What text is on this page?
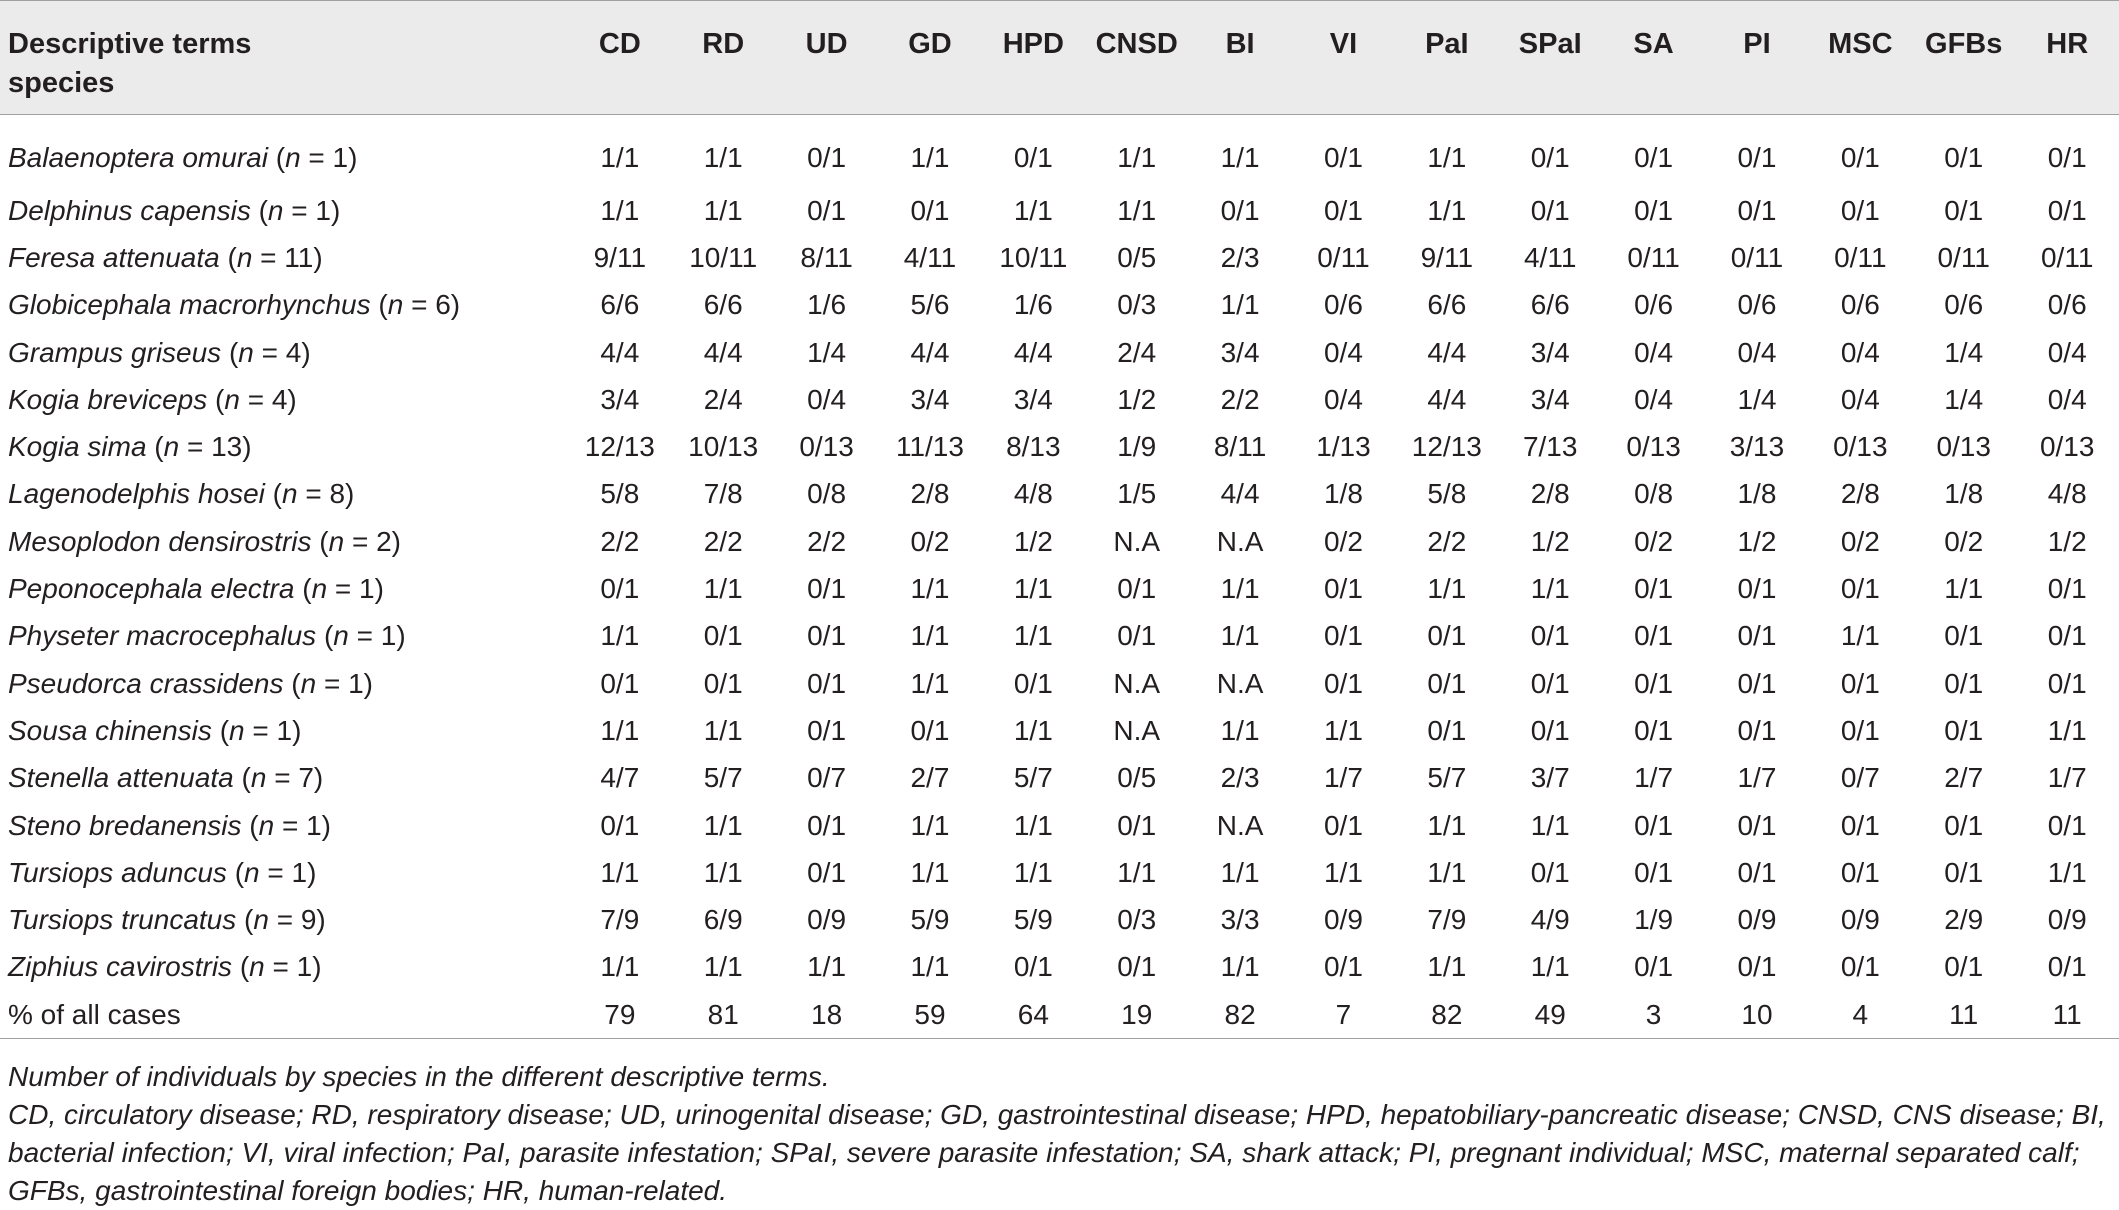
Descriptive terms
species	CD	RD	UD	GD	HPD	CNSD	BI	VI	PaI	SPaI	SA	PI	MSC	GFBs	HR
Balaenoptera omurai (n = 1)	1/1	1/1	0/1	1/1	0/1	1/1	1/1	0/1	1/1	0/1	0/1	0/1	0/1	0/1	0/1
Delphinus capensis (n = 1)	1/1	1/1	0/1	0/1	1/1	1/1	0/1	0/1	1/1	0/1	0/1	0/1	0/1	0/1	0/1
Feresa attenuata (n = 11)	9/11	10/11	8/11	4/11	10/11	0/5	2/3	0/11	9/11	4/11	0/11	0/11	0/11	0/11	0/11
Globicephala macrorhynchus (n = 6)	6/6	6/6	1/6	5/6	1/6	0/3	1/1	0/6	6/6	6/6	0/6	0/6	0/6	0/6	0/6
Grampus griseus (n = 4)	4/4	4/4	1/4	4/4	4/4	2/4	3/4	0/4	4/4	3/4	0/4	0/4	0/4	1/4	0/4
Kogia breviceps (n = 4)	3/4	2/4	0/4	3/4	3/4	1/2	2/2	0/4	4/4	3/4	0/4	1/4	0/4	1/4	0/4
Kogia sima (n = 13)	12/13	10/13	0/13	11/13	8/13	1/9	8/11	1/13	12/13	7/13	0/13	3/13	0/13	0/13	0/13
Lagenodelphis hosei (n = 8)	5/8	7/8	0/8	2/8	4/8	1/5	4/4	1/8	5/8	2/8	0/8	1/8	2/8	1/8	4/8
Mesoplodon densirostris (n = 2)	2/2	2/2	2/2	0/2	1/2	N.A	N.A	0/2	2/2	1/2	0/2	1/2	0/2	0/2	1/2
Peponocephala electra (n = 1)	0/1	1/1	0/1	1/1	1/1	0/1	1/1	0/1	1/1	1/1	0/1	0/1	0/1	1/1	0/1
Physeter macrocephalus (n = 1)	1/1	0/1	0/1	1/1	1/1	0/1	1/1	0/1	0/1	0/1	0/1	0/1	1/1	0/1	0/1
Pseudorca crassidens (n = 1)	0/1	0/1	0/1	1/1	0/1	N.A	N.A	0/1	0/1	0/1	0/1	0/1	0/1	0/1	0/1
Sousa chinensis (n = 1)	1/1	1/1	0/1	0/1	1/1	N.A	1/1	1/1	0/1	0/1	0/1	0/1	0/1	0/1	1/1
Stenella attenuata (n = 7)	4/7	5/7	0/7	2/7	5/7	0/5	2/3	1/7	5/7	3/7	1/7	1/7	0/7	2/7	1/7
Steno bredanensis (n = 1)	0/1	1/1	0/1	1/1	1/1	0/1	N.A	0/1	1/1	1/1	0/1	0/1	0/1	0/1	0/1
Tursiops aduncus (n = 1)	1/1	1/1	0/1	1/1	1/1	1/1	1/1	1/1	1/1	0/1	0/1	0/1	0/1	0/1	1/1
Tursiops truncatus (n = 9)	7/9	6/9	0/9	5/9	5/9	0/3	3/3	0/9	7/9	4/9	1/9	0/9	0/9	2/9	0/9
Ziphius cavirostris (n = 1)	1/1	1/1	1/1	1/1	0/1	0/1	1/1	0/1	1/1	1/1	0/1	0/1	0/1	0/1	0/1
% of all cases	79	81	18	59	64	19	82	7	82	49	3	10	4	11	11
Number of individuals by species in the different descriptive terms.
CD, circulatory disease; RD, respiratory disease; UD, urinogenital disease; GD, gastrointestinal disease; HPD, hepatobiliary-pancreatic disease; CNSD, CNS disease; BI,
bacterial infection; VI, viral infection; PaI, parasite infestation; SPaI, severe parasite infestation; SA, shark attack; PI, pregnant individual; MSC, maternal separated calf;
GFBs, gastrointestinal foreign bodies; HR, human-related.
